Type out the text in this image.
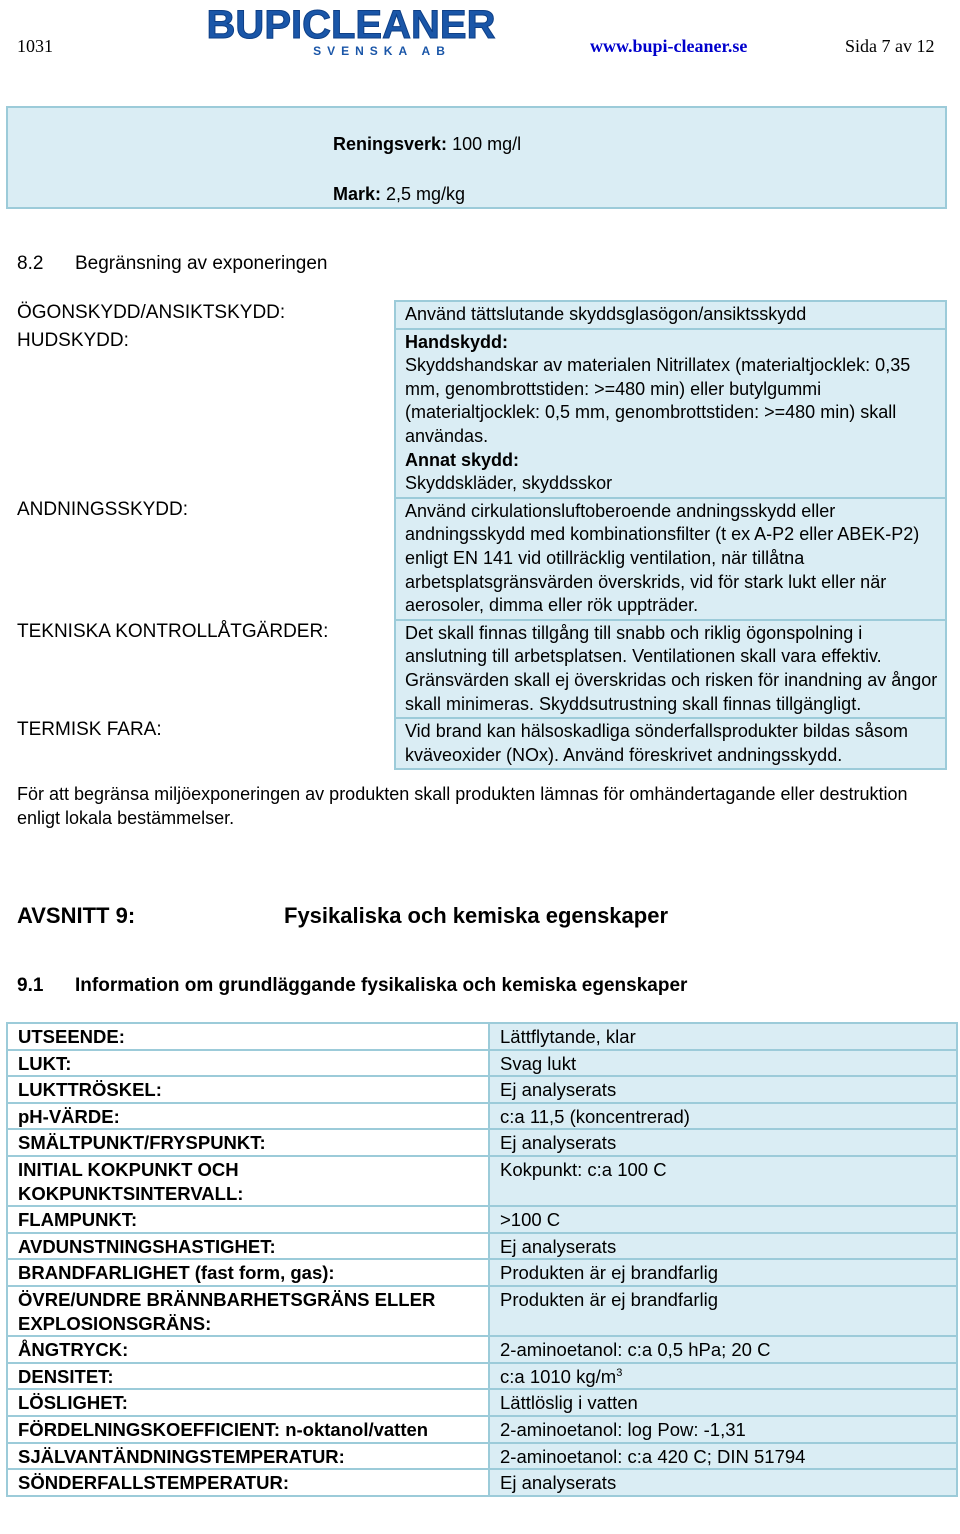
1031	BUPICLEANER
SVENSKA AB	www.bupi-cleaner.se	Sida 7 av 12
Reningsverk: 100 mg/l
Mark: 2,5 mg/kg
8.2 Begränsning av exponeringen
ÖGONSKYDD/ANSIKTSKYDD:	Använd tättslutande skyddsglasögon/ansiktsskydd

HUDSKYDD:	Handskydd:
Skyddshandskar av materialen Nitrillatex (materialtjocklek: 0,35 mm, genombrottstiden: >=480 min) eller butylgummi (materialtjocklek: 0,5 mm, genombrottstiden: >=480 min) skall användas.
Annat skydd:
Skyddskläder, skyddsskor

ANDNINGSSKYDD:	Använd cirkulationsluftoberoende andningsskydd eller andningsskydd med kombinationsfilter (t ex A-P2 eller ABEK-P2) enligt EN 141 vid otillräcklig ventilation, när tillåtna arbetsplatsgränsvärden överskrids, vid för stark lukt eller när aerosoler, dimma eller rök uppträder.

TEKNISKA KONTROLLÅTGÄRDER:	Det skall finnas tillgång till snabb och riklig ögonspolning i anslutning till arbetsplatsen. Ventilationen skall vara effektiv. Gränsvärden skall ej överskridas och risken för inandning av ångor skall minimeras. Skyddsutrustning skall finnas tillgängligt.

TERMISK FARA:	Vid brand kan hälsoskadliga sönderfallsprodukter bildas såsom kväveoxider (NOx). Använd föreskrivet andningsskydd.
För att begränsa miljöexponeringen av produkten skall produkten lämnas för omhändertagande eller destruktion enligt lokala bestämmelser.
AVSNITT 9:	Fysikaliska och kemiska egenskaper
9.1 Information om grundläggande fysikaliska och kemiska egenskaper
UTSEENDE:	Lättflytande, klar
LUKT:	Svag lukt
LUKTTRÖSKEL:	Ej analyserats
pH-VÄRDE:	c:a 11,5 (koncentrerad)
SMÄLTPUNKT/FRYSPUNKT:	Ej analyserats
INITIAL KOKPUNKT OCH KOKPUNKTSINTERVALL:	Kokpunkt: c:a 100 C
FLAMPUNKT:	>100 C
AVDUNSTNINGSHASTIGHET:	Ej analyserats
BRANDFARLIGHET (fast form, gas):	Produkten är ej brandfarlig
ÖVRE/UNDRE BRÄNNBARHETSGRÄNS ELLER EXPLOSIONSGRÄNS:	Produkten är ej brandfarlig
ÅNGTRYCK:	2-aminoetanol: c:a 0,5 hPa; 20 C
DENSITET:	c:a 1010 $kg/m^3$
LÖSLIGHET:	Lättlöslig i vatten
FÖRDELNINGSKOEFFICIENT: n-oktanol/vatten	2-aminoetanol: log Pow: -1,31
SJÄLVANTÄNDNINGSTEMPERATUR:	2-aminoetanol: c:a 420 C; DIN 51794
SÖNDERFALLSTEMPERATUR:	Ej analyserats
